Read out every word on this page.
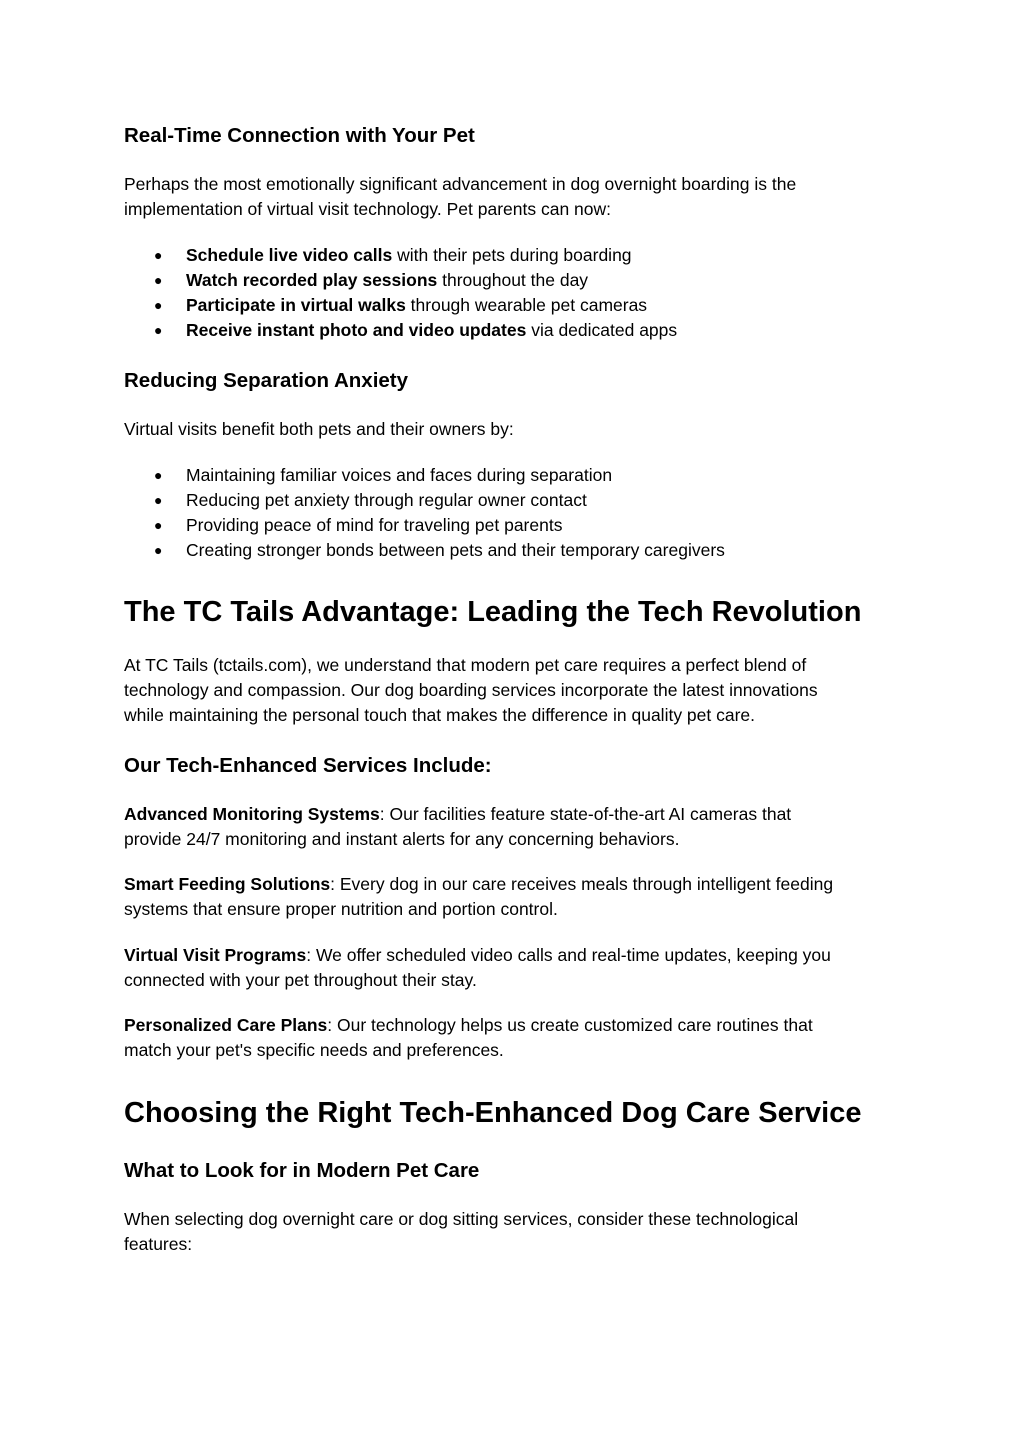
Real-Time Connection with Your Pet
Perhaps the most emotionally significant advancement in dog overnight boarding is the
implementation of virtual visit technology. Pet parents can now:
● Schedule live video calls with their pets during boarding
● Watch recorded play sessions throughout the day
● Participate in virtual walks through wearable pet cameras
● Receive instant photo and video updates via dedicated apps
Reducing Separation Anxiety
Virtual visits benefit both pets and their owners by:
● Maintaining familiar voices and faces during separation
● Reducing pet anxiety through regular owner contact
● Providing peace of mind for traveling pet parents
● Creating stronger bonds between pets and their temporary caregivers
The TC Tails Advantage: Leading the Tech Revolution
At TC Tails (tctails.com), we understand that modern pet care requires a perfect blend of
technology and compassion. Our dog boarding services incorporate the latest innovations
while maintaining the personal touch that makes the difference in quality pet care.
Our Tech-Enhanced Services Include:
Advanced Monitoring Systems: Our facilities feature state-of-the-art AI cameras that
provide 24/7 monitoring and instant alerts for any concerning behaviors.
Smart Feeding Solutions: Every dog in our care receives meals through intelligent feeding
systems that ensure proper nutrition and portion control.
Virtual Visit Programs: We offer scheduled video calls and real-time updates, keeping you
connected with your pet throughout their stay.
Personalized Care Plans: Our technology helps us create customized care routines that
match your pet's specific needs and preferences.
Choosing the Right Tech-Enhanced Dog Care Service
What to Look for in Modern Pet Care
When selecting dog overnight care or dog sitting services, consider these technological
features:
